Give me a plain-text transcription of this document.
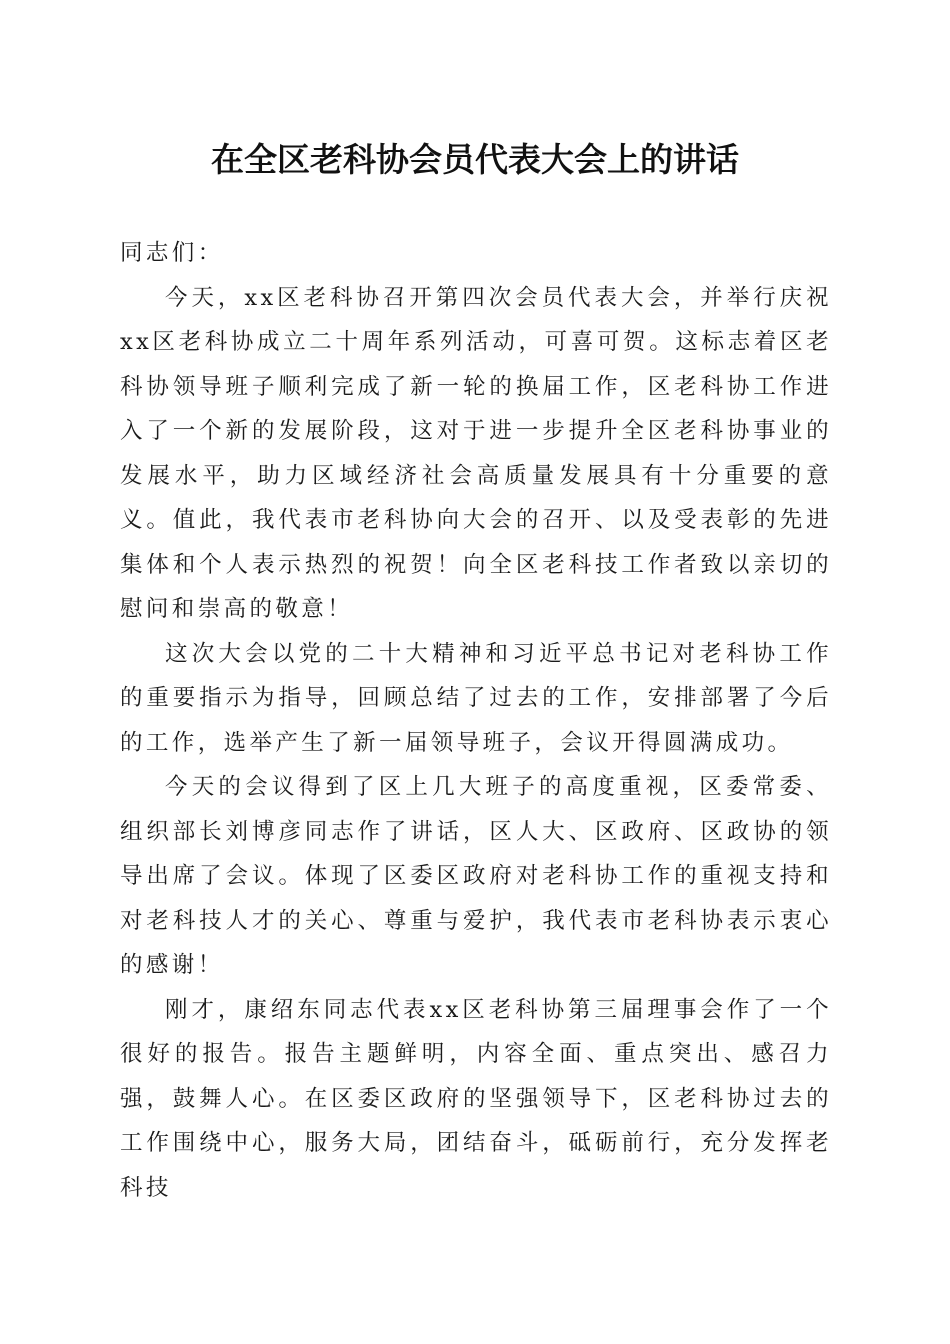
在全区老科协会员代表大会上的讲话

同志们：

今天，xx区老科协召开第四次会员代表大会，并举行庆祝xx区老科协成立二十周年系列活动，可喜可贺。这标志着区老科协领导班子顺利完成了新一轮的换届工作，区老科协工作进入了一个新的发展阶段，这对于进一步提升全区老科协事业的发展水平，助力区域经济社会高质量发展具有十分重要的意义。值此，我代表市老科协向大会的召开、以及受表彰的先进集体和个人表示热烈的祝贺！向全区老科技工作者致以亲切的慰问和崇高的敬意！

这次大会以党的二十大精神和习近平总书记对老科协工作的重要指示为指导，回顾总结了过去的工作，安排部署了今后的工作，选举产生了新一届领导班子，会议开得圆满成功。

今天的会议得到了区上几大班子的高度重视，区委常委、组织部长刘博彦同志作了讲话，区人大、区政府、区政协的领导出席了会议。体现了区委区政府对老科协工作的重视支持和对老科技人才的关心、尊重与爱护，我代表市老科协表示衷心的感谢！

刚才，康绍东同志代表xx区老科协第三届理事会作了一个很好的报告。报告主题鲜明，内容全面、重点突出、感召力强，鼓舞人心。在区委区政府的坚强领导下，区老科协过去的工作围绕中心，服务大局，团结奋斗，砥砺前行，充分发挥老科技
